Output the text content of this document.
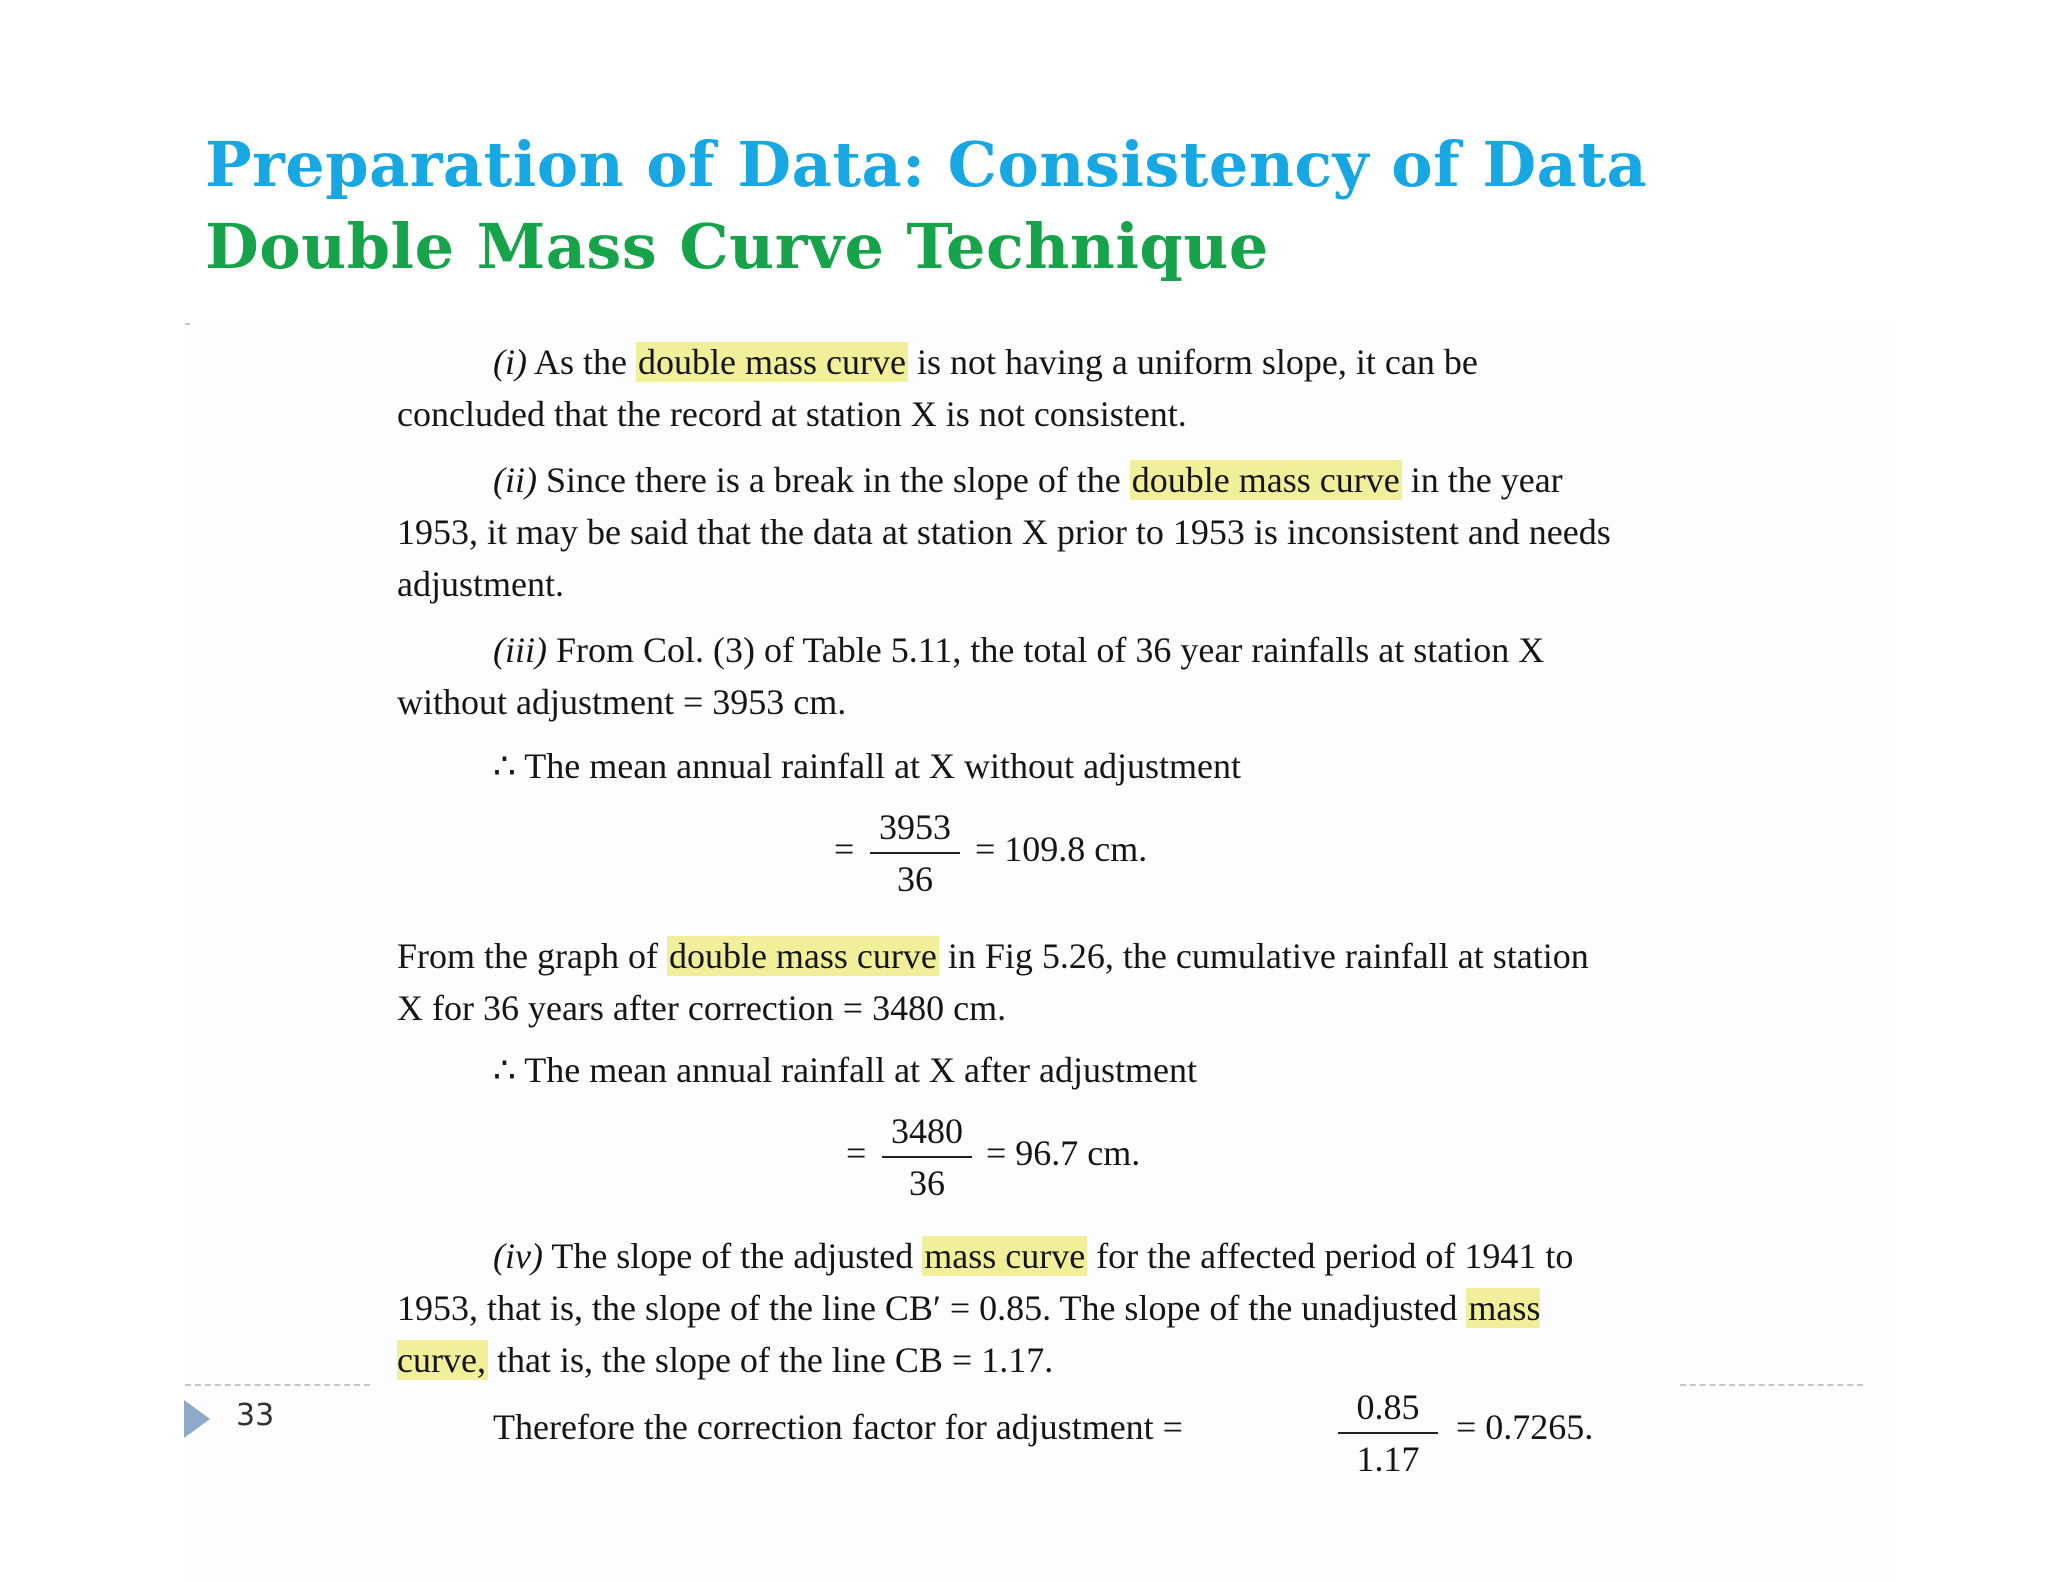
Preparation of Data: Consistency of Data
Double Mass Curve Technique

(i) As the double mass curve is not having a uniform slope, it can be concluded that the record at station X is not consistent.

(ii) Since there is a break in the slope of the double mass curve in the year 1953, it may be said that the data at station X prior to 1953 is inconsistent and needs adjustment.

(iii) From Col. (3) of Table 5.11, the total of 36 year rainfalls at station X without adjustment = 3953 cm.

∴ The mean annual rainfall at X without adjustment

= $\frac{3953}{36} = 109.8$ cm.

From the graph of double mass curve in Fig 5.26, the cumulative rainfall at station X for 36 years after correction = 3480 cm.

∴ The mean annual rainfall at X after adjustment

= $\frac{3480}{36} = 96.7$ cm.

(iv) The slope of the adjusted mass curve for the affected period of 1941 to 1953, that is, the slope of the line CB′ = 0.85. The slope of the unadjusted mass curve, that is, the slope of the line CB = 1.17.

Therefore the correction factor for adjustment =	$\frac{0.85}{1.17} = 0.7265$.
33
